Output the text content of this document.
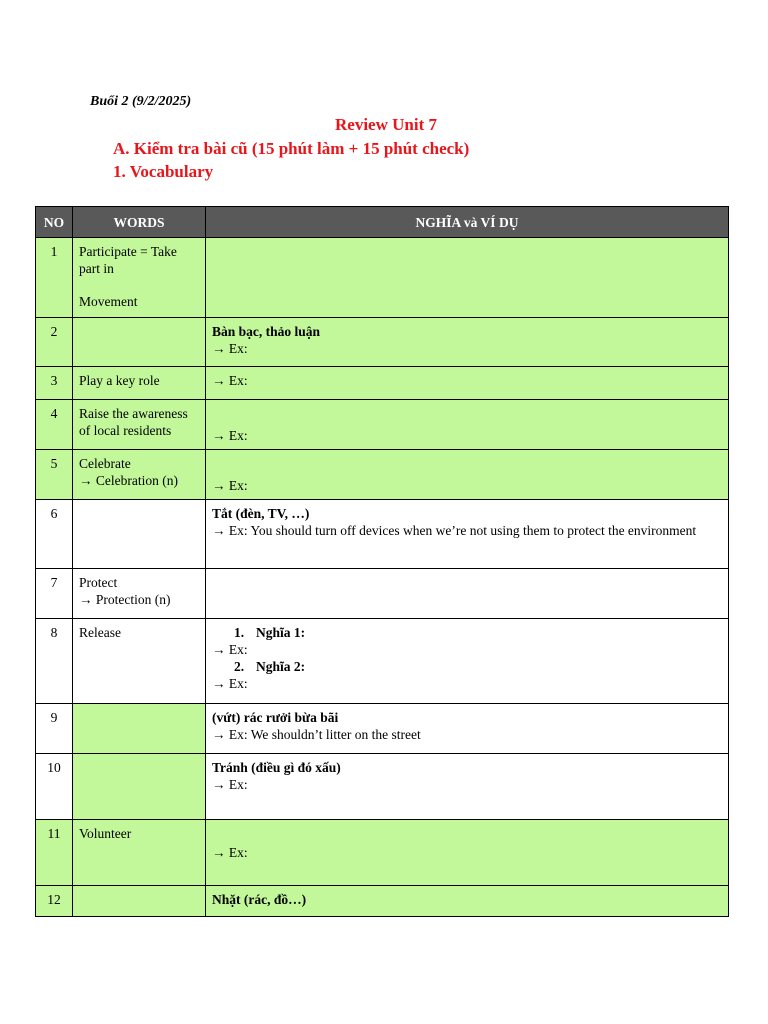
Buổi 2 (9/2/2025)
Review Unit 7
A. Kiểm tra bài cũ (15 phút làm + 15 phút check)
1. Vocabulary
NO	WORDS	NGHĨA và VÍ DỤ
1	Participate = Take part in
Movement	

2		Bàn bạc, thảo luận
→ Ex:

3	Play a key role	→ Ex:

4	Raise the awareness of local residents	→ Ex:

5	Celebrate
→ Celebration (n)	→ Ex:

6		Tắt (đèn, TV, …)
→ Ex: You should turn off devices when we’re not using them to protect the environment

7	Protect
→ Protection (n)	

8	Release	1. Nghĩa 1:
→ Ex:
2. Nghĩa 2:
→ Ex:

9		(vứt) rác rưởi bừa bãi
→ Ex: We shouldn’t litter on the street

10		Tránh (điều gì đó xấu)
→ Ex:

11	Volunteer	→ Ex:

12		Nhặt (rác, đồ…)
